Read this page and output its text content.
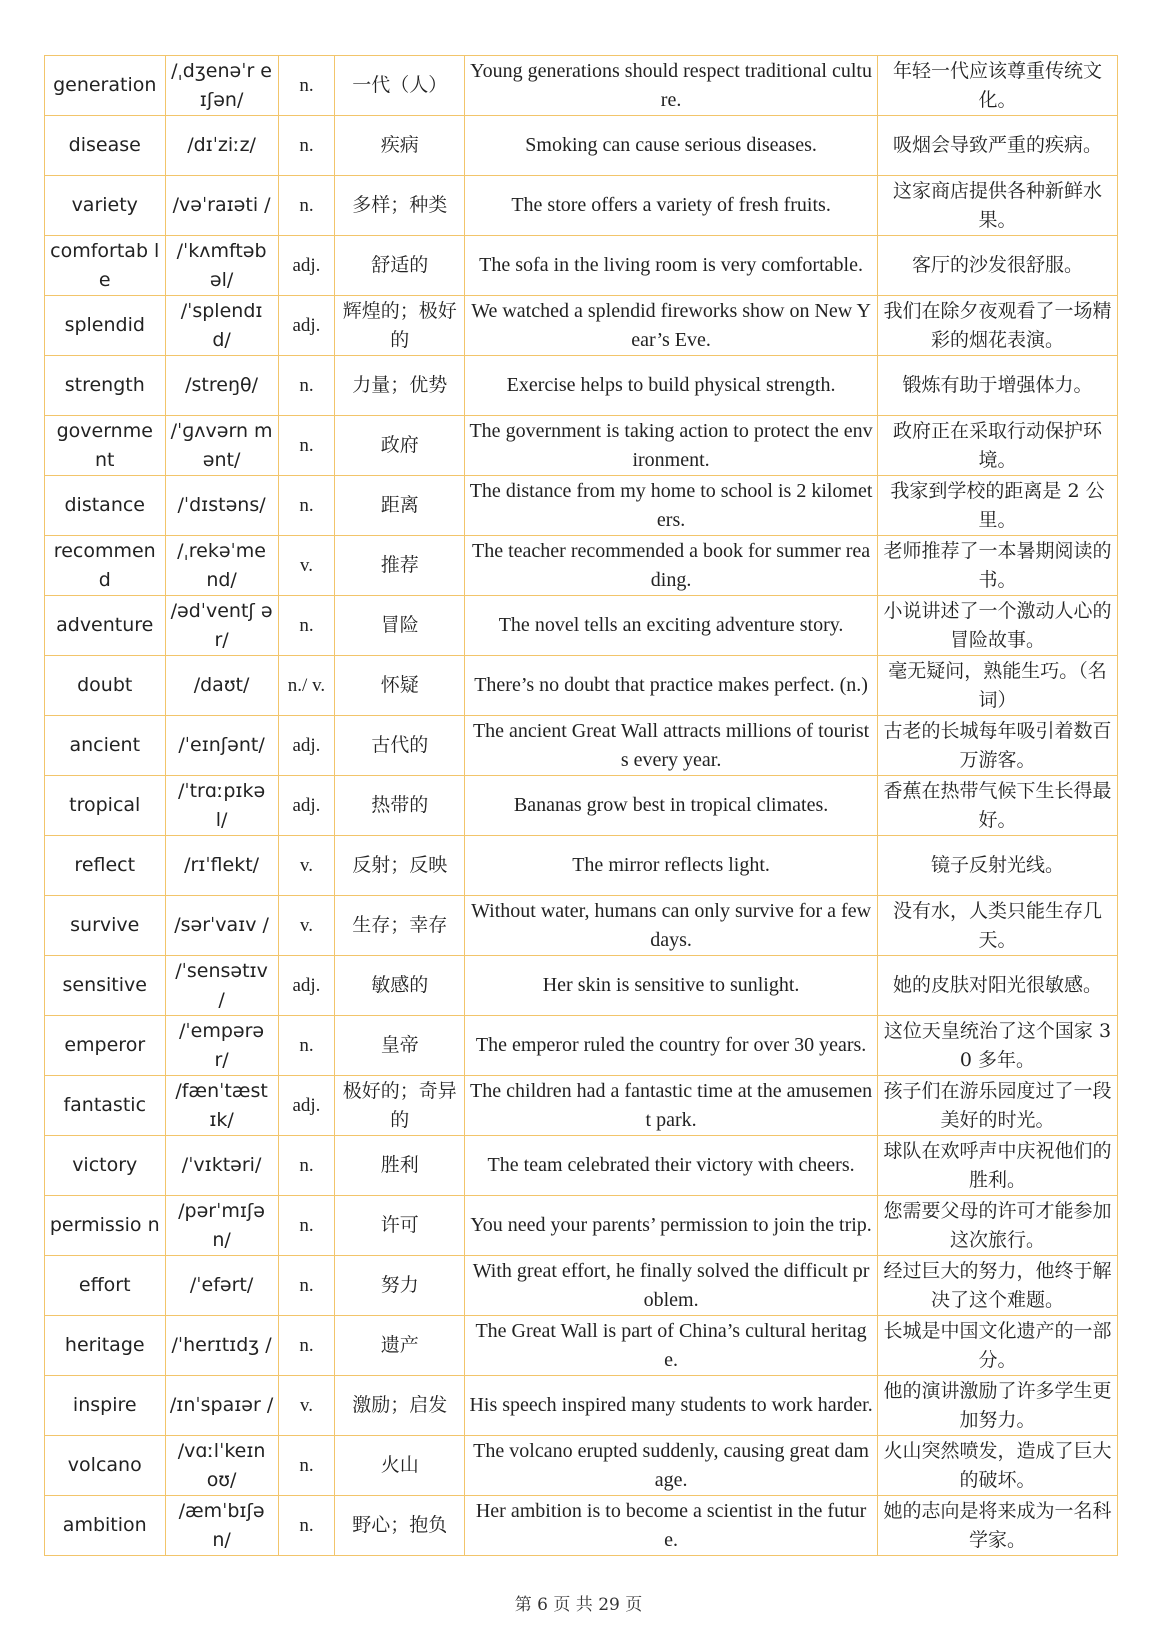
generation	/ˌdʒenəˈr eɪʃən/	n.	一代（人）	Young generations should respect traditional culture.	年轻一代应该尊重传统文化。
disease	/dɪˈziːz/	n.	疾病	Smoking can cause serious diseases.	吸烟会导致严重的疾病。
variety	/vəˈraɪəti /	n.	多样；种类	The store offers a variety of fresh fruits.	这家商店提供各种新鲜水果。
comfortab le	/ˈkʌmftəb əl/	adj.	舒适的	The sofa in the living room is very comfortable.	客厅的沙发很舒服。
splendid	/ˈsplendɪ d/	adj.	辉煌的；极好的	We watched a splendid fireworks show on New Year’s Eve.	我们在除夕夜观看了一场精彩的烟花表演。
strength	/streŋθ/	n.	力量；优势	Exercise helps to build physical strength.	锻炼有助于增强体力。
governme nt	/ˈɡʌvərn mənt/	n.	政府	The government is taking action to protect the environment.	政府正在采取行动保护环境。
distance	/ˈdɪstəns/	n.	距离	The distance from my home to school is 2 kilometers.	我家到学校的距离是 2 公里。
recommen d	/ˌrekəˈme nd/	v.	推荐	The teacher recommended a book for summer reading.	老师推荐了一本暑期阅读的书。
adventure	/ədˈventʃ ər/	n.	冒险	The novel tells an exciting adventure story.	小说讲述了一个激动人心的冒险故事。
doubt	/daʊt/	n./ v.	怀疑	There’s no doubt that practice makes perfect. (n.)	毫无疑问，熟能生巧。（名词）
ancient	/ˈeɪnʃənt/	adj.	古代的	The ancient Great Wall attracts millions of tourists every year.	古老的长城每年吸引着数百万游客。
tropical	/ˈtrɑːpɪkə l/	adj.	热带的	Bananas grow best in tropical climates.	香蕉在热带气候下生长得最好。
reflect	/rɪˈflekt/	v.	反射；反映	The mirror reflects light.	镜子反射光线。
survive	/sərˈvaɪv /	v.	生存；幸存	Without water, humans can only survive for a few days.	没有水，人类只能生存几天。
sensitive	/ˈsensətɪv /	adj.	敏感的	Her skin is sensitive to sunlight.	她的皮肤对阳光很敏感。
emperor	/ˈempərə r/	n.	皇帝	The emperor ruled the country for over 30 years.	这位天皇统治了这个国家 30 多年。
fantastic	/fænˈtæst ɪk/	adj.	极好的；奇异的	The children had a fantastic time at the amusement park.	孩子们在游乐园度过了一段美好的时光。
victory	/ˈvɪktəri/	n.	胜利	The team celebrated their victory with cheers.	球队在欢呼声中庆祝他们的胜利。
permissio n	/pərˈmɪʃə n/	n.	许可	You need your parents’ permission to join the trip.	您需要父母的许可才能参加这次旅行。
effort	/ˈefərt/	n.	努力	With great effort, he finally solved the difficult problem.	经过巨大的努力，他终于解决了这个难题。
heritage	/ˈherɪtɪdʒ /	n.	遗产	The Great Wall is part of China’s cultural heritage.	长城是中国文化遗产的一部分。
inspire	/ɪnˈspaɪər /	v.	激励；启发	His speech inspired many students to work harder.	他的演讲激励了许多学生更加努力。
volcano	/vɑːlˈkeɪn oʊ/	n.	火山	The volcano erupted suddenly, causing great damage.	火山突然喷发，造成了巨大的破坏。
ambition	/æmˈbɪʃə n/	n.	野心；抱负	Her ambition is to become a scientist in the future.	她的志向是将来成为一名科学家。
第 6 页 共 29 页
